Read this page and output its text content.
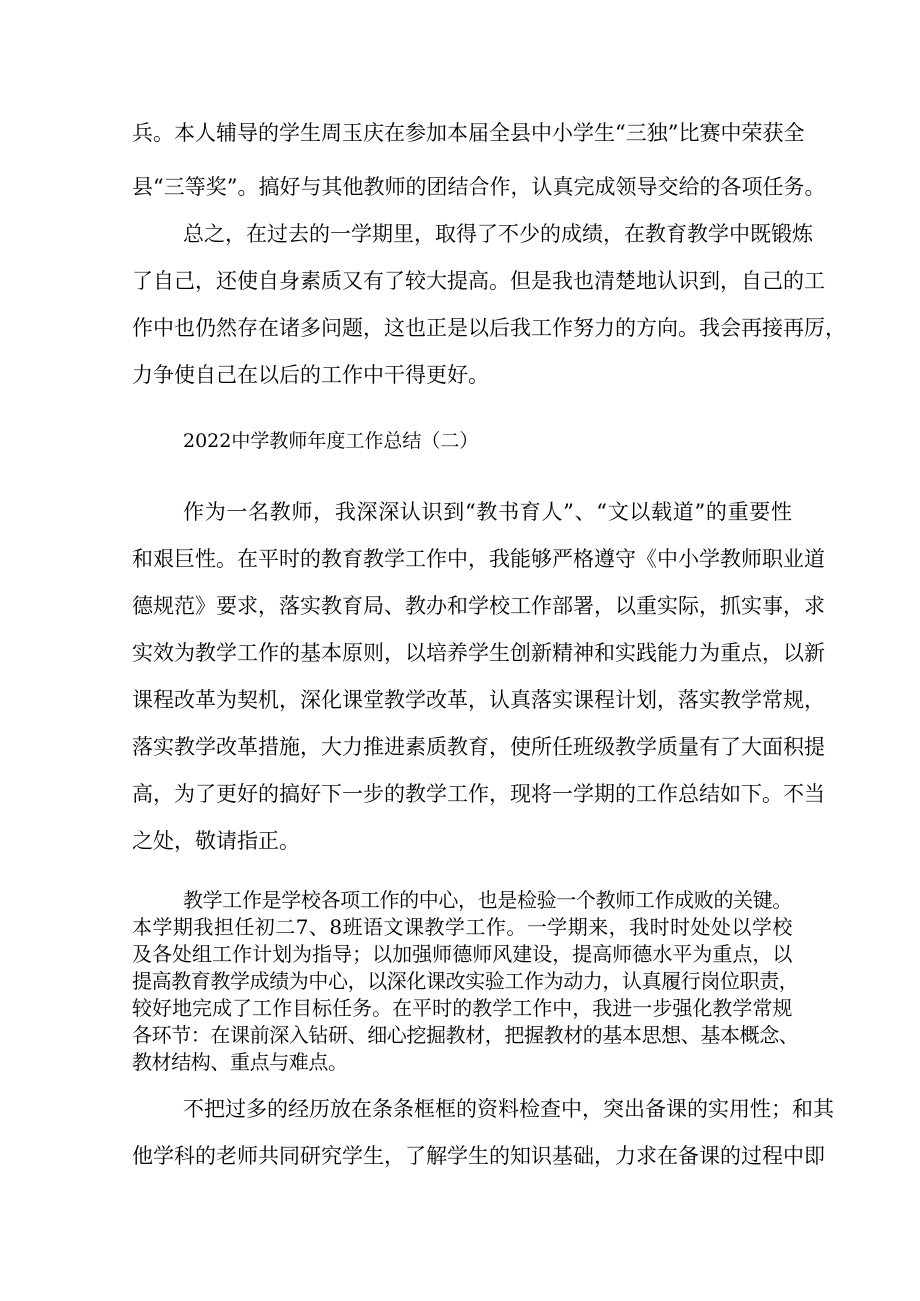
兵。本人辅导的学生周玉庆在参加本届全县中小学生“三独”比赛中荣获全
县“三等奖”。搞好与其他教师的团结合作，认真完成领导交给的各项任务。
总之，在过去的一学期里，取得了不少的成绩，在教育教学中既锻炼
了自己，还使自身素质又有了较大提高。但是我也清楚地认识到，自己的工
作中也仍然存在诸多问题，这也正是以后我工作努力的方向。我会再接再厉，
力争使自己在以后的工作中干得更好。
2022中学教师年度工作总结（二）
作为一名教师，我深深认识到“教书育人”、“文以载道”的重要性
和艰巨性。在平时的教育教学工作中，我能够严格遵守《中小学教师职业道
德规范》要求，落实教育局、教办和学校工作部署，以重实际，抓实事，求
实效为教学工作的基本原则，以培养学生创新精神和实践能力为重点，以新
课程改革为契机，深化课堂教学改革，认真落实课程计划，落实教学常规，
落实教学改革措施，大力推进素质教育，使所任班级教学质量有了大面积提
高，为了更好的搞好下一步的教学工作，现将一学期的工作总结如下。不当
之处，敬请指正。
教学工作是学校各项工作的中心，也是检验一个教师工作成败的关键。
本学期我担任初二7、8班语文课教学工作。一学期来，我时时处处以学校
及各处组工作计划为指导；以加强师德师风建设，提高师德水平为重点，以
提高教育教学成绩为中心，以深化课改实验工作为动力，认真履行岗位职责，
较好地完成了工作目标任务。在平时的教学工作中，我进一步强化教学常规
各环节：在课前深入钻研、细心挖掘教材，把握教材的基本思想、基本概念、
教材结构、重点与难点。
不把过多的经历放在条条框框的资料检查中，突出备课的实用性；和其
他学科的老师共同研究学生，了解学生的知识基础，力求在备课的过程中即
